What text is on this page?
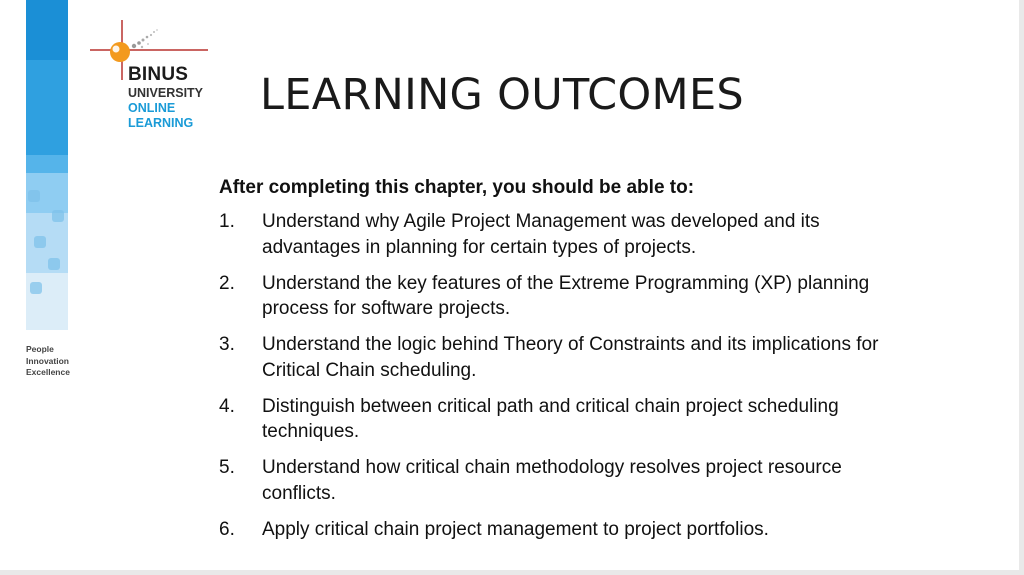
BINUS
UNIVERSITY
ONLINE
LEARNING
People
Innovation
Excellence
LEARNING OUTCOMES

After completing this chapter, you should be able to:

1. Understand why Agile Project Management was developed and its advantages in planning for certain types of projects.
2. Understand the key features of the Extreme Programming (XP) planning process for software projects.
3. Understand the logic behind Theory of Constraints and its implications for Critical Chain scheduling.
4. Distinguish between critical path and critical chain project scheduling techniques.
5. Understand how critical chain methodology resolves project resource conflicts.
6. Apply critical chain project management to project portfolios.
